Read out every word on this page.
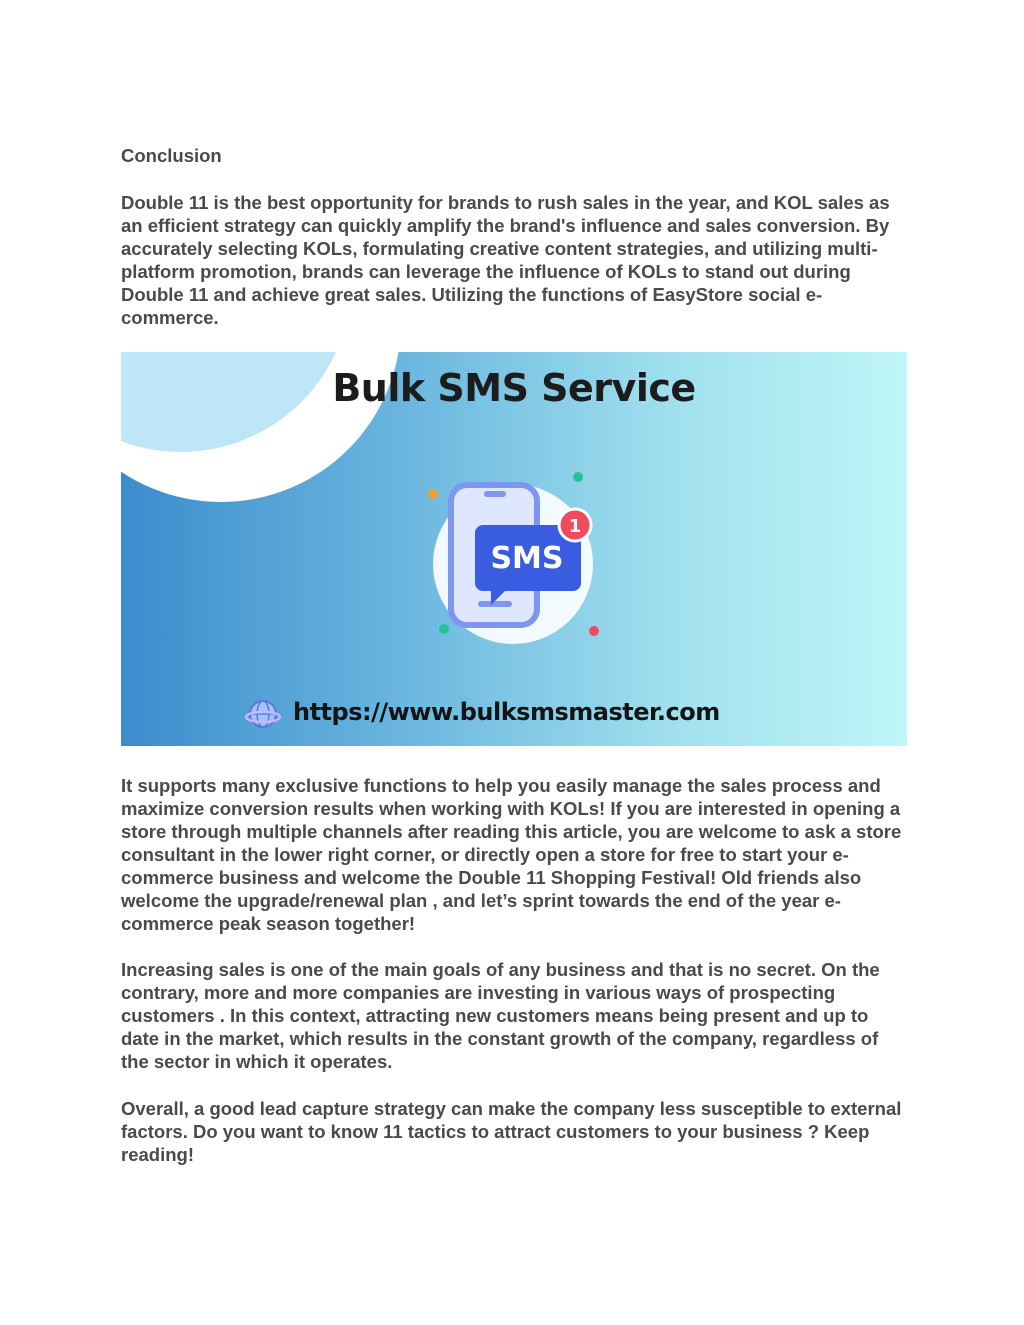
Conclusion

Double 11 is the best opportunity for brands to rush sales in the year, and KOL sales as an efficient strategy can quickly amplify the brand's influence and sales conversion. By accurately selecting KOLs, formulating creative content strategies, and utilizing multi-platform promotion, brands can leverage the influence of KOLs to stand out during Double 11 and achieve great sales. Utilizing the functions of EasyStore social e-commerce.

Bulk SMS Service
SMS
1
https://www.bulksmsmaster.com

It supports many exclusive functions to help you easily manage the sales process and maximize conversion results when working with KOLs! If you are interested in opening a store through multiple channels after reading this article, you are welcome to ask a store consultant in the lower right corner, or directly open a store for free to start your e-commerce business and welcome the Double 11 Shopping Festival! Old friends also welcome the upgrade/renewal plan , and let’s sprint towards the end of the year e-commerce peak season together!

Increasing sales is one of the main goals of any business and that is no secret. On the contrary, more and more companies are investing in various ways of prospecting customers . In this context, attracting new customers means being present and up to date in the market, which results in the constant growth of the company, regardless of the sector in which it operates.

Overall, a good lead capture strategy can make the company less susceptible to external factors. Do you want to know 11 tactics to attract customers to your business ? Keep reading!
